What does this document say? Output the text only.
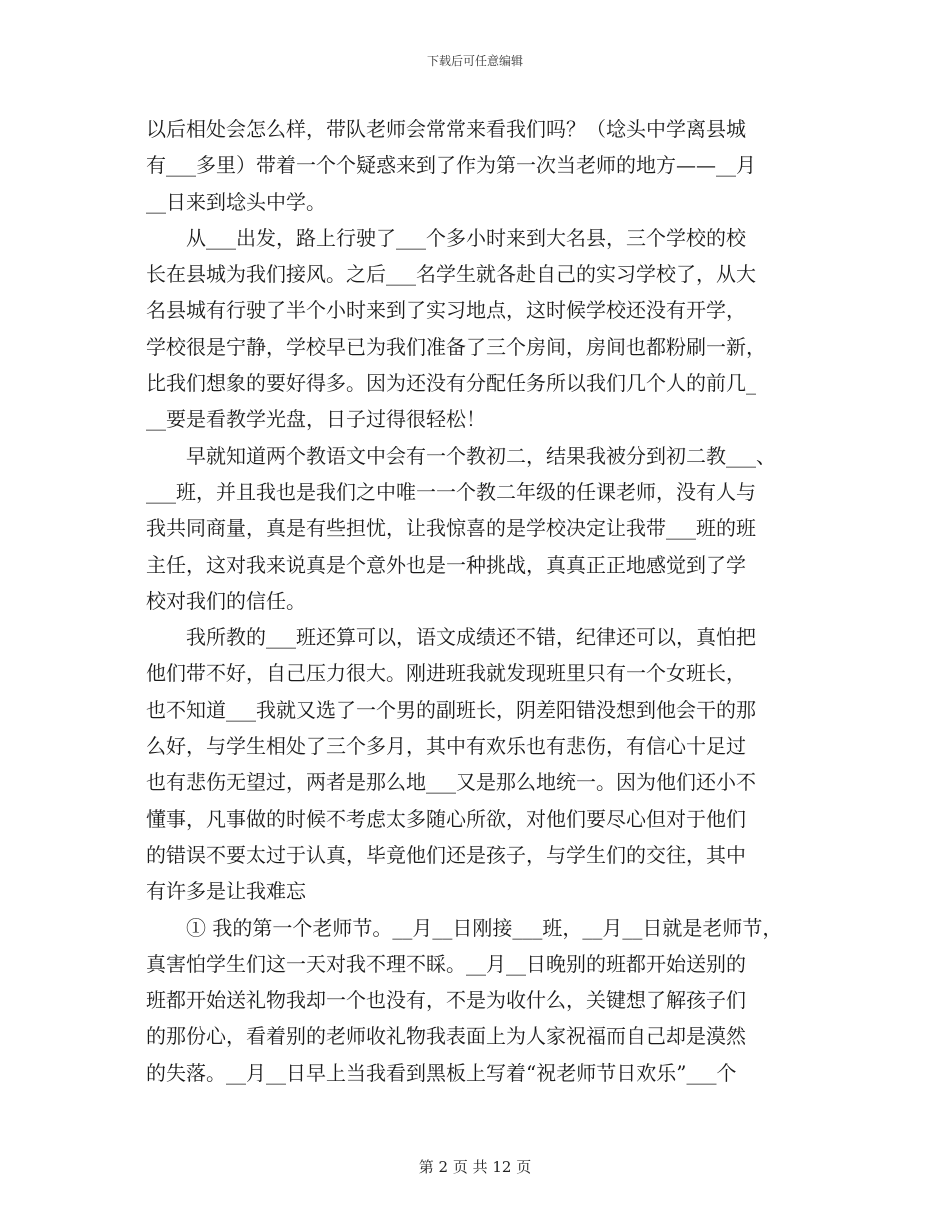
下载后可任意编辑
以后相处会怎么样，带队老师会常常来看我们吗？（埝头中学离县城
有___多里）带着一个个疑惑来到了作为第一次当老师的地方——__月
__日来到埝头中学。
　　从___出发，路上行驶了___个多小时来到大名县，三个学校的校
长在县城为我们接风。之后___名学生就各赴自己的实习学校了，从大
名县城有行驶了半个小时来到了实习地点，这时候学校还没有开学，
学校很是宁静，学校早已为我们准备了三个房间，房间也都粉刷一新，
比我们想象的要好得多。因为还没有分配任务所以我们几个人的前几_
__要是看教学光盘，日子过得很轻松！
　　早就知道两个教语文中会有一个教初二，结果我被分到初二教___、
___班，并且我也是我们之中唯一一个教二年级的任课老师，没有人与
我共同商量，真是有些担忧，让我惊喜的是学校决定让我带___班的班
主任，这对我来说真是个意外也是一种挑战，真真正正地感觉到了学
校对我们的信任。
　　我所教的___班还算可以，语文成绩还不错，纪律还可以，真怕把
他们带不好，自己压力很大。刚进班我就发现班里只有一个女班长，
也不知道___我就又选了一个男的副班长，阴差阳错没想到他会干的那
么好，与学生相处了三个多月，其中有欢乐也有悲伤，有信心十足过
也有悲伤无望过，两者是那么地___又是那么地统一。因为他们还小不
懂事，凡事做的时候不考虑太多随心所欲，对他们要尽心但对于他们
的错误不要太过于认真，毕竟他们还是孩子，与学生们的交往，其中
有许多是让我难忘
　　① 我的第一个老师节。__月__日刚接___班，__月__日就是老师节，
真害怕学生们这一天对我不理不睬。__月__日晚别的班都开始送别的
班都开始送礼物我却一个也没有，不是为收什么，关键想了解孩子们
的那份心，看着别的老师收礼物我表面上为人家祝福而自己却是漠然
的失落。__月__日早上当我看到黑板上写着“祝老师节日欢乐”___个
第 2 页 共 12 页
